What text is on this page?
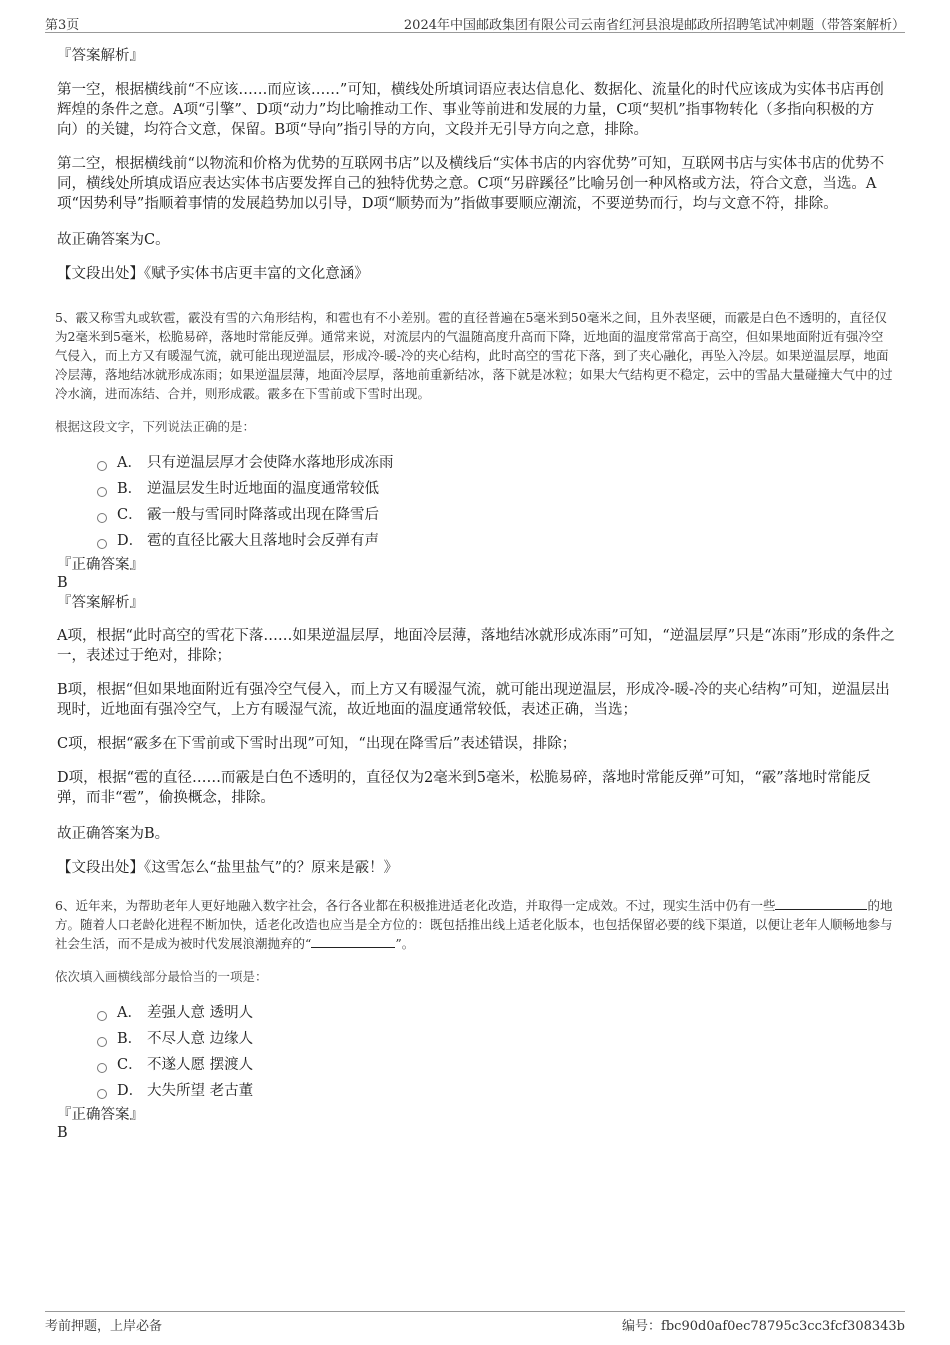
第3页	2024年中国邮政集团有限公司云南省红河县浪堤邮政所招聘笔试冲刺题（带答案解析）

『答案解析』

第一空，根据横线前“不应该……而应该……”可知，横线处所填词语应表达信息化、数据化、流量化的时代应该成为实体书店再创辉煌的条件之意。A项“引擎”、D项“动力”均比喻推动工作、事业等前进和发展的力量，C项“契机”指事物转化（多指向积极的方向）的关键，均符合文意，保留。B项“导向”指引导的方向，文段并无引导方向之意，排除。

第二空，根据横线前“以物流和价格为优势的互联网书店”以及横线后“实体书店的内容优势”可知，互联网书店与实体书店的优势不同，横线处所填成语应表达实体书店要发挥自己的独特优势之意。C项“另辟蹊径”比喻另创一种风格或方法，符合文意，当选。A项“因势利导”指顺着事情的发展趋势加以引导，D项“顺势而为”指做事要顺应潮流，不要逆势而行，均与文意不符，排除。

故正确答案为C。

【文段出处】《赋予实体书店更丰富的文化意涵》

5、霰又称雪丸或软雹，霰没有雪的六角形结构，和雹也有不小差别。雹的直径普遍在5毫米到50毫米之间，且外表坚硬，而霰是白色不透明的，直径仅为2毫米到5毫米，松脆易碎，落地时常能反弹。通常来说，对流层内的气温随高度升高而下降，近地面的温度常常高于高空，但如果地面附近有强冷空气侵入，而上方又有暖湿气流，就可能出现逆温层，形成冷-暖-冷的夹心结构，此时高空的雪花下落，到了夹心融化，再坠入冷层。如果逆温层厚，地面冷层薄，落地结冰就形成冻雨；如果逆温层薄，地面冷层厚，落地前重新结冰，落下就是冰粒；如果大气结构更不稳定，云中的雪晶大量碰撞大气中的过冷水滴，进而冻结、合并，则形成霰。霰多在下雪前或下雪时出现。

根据这段文字，下列说法正确的是：

A． 只有逆温层厚才会使降水落地形成冻雨
B． 逆温层发生时近地面的温度通常较低
C． 霰一般与雪同时降落或出现在降雪后
D． 雹的直径比霰大且落地时会反弹有声

『正确答案』

B

『答案解析』

A项，根据“此时高空的雪花下落……如果逆温层厚，地面冷层薄，落地结冰就形成冻雨”可知，“逆温层厚”只是“冻雨”形成的条件之一，表述过于绝对，排除；

B项，根据“但如果地面附近有强冷空气侵入，而上方又有暖湿气流，就可能出现逆温层，形成冷-暖-冷的夹心结构”可知，逆温层出现时，近地面有强冷空气，上方有暖湿气流，故近地面的温度通常较低，表述正确，当选；

C项，根据“霰多在下雪前或下雪时出现”可知，“出现在降雪后”表述错误，排除；

D项，根据“雹的直径……而霰是白色不透明的，直径仅为2毫米到5毫米，松脆易碎，落地时常能反弹”可知，“霰”落地时常能反弹，而非“雹”，偷换概念，排除。

故正确答案为B。

【文段出处】《这雪怎么“盐里盐气”的？原来是霰！》

6、近年来，为帮助老年人更好地融入数字社会，各行各业都在积极推进适老化改造，并取得一定成效。不过，现实生活中仍有一些	的地方。随着人口老龄化进程不断加快，适老化改造也应当是全方位的：既包括推出线上适老化版本，也包括保留必要的线下渠道，以便让老年人顺畅地参与社会生活，而不是成为被时代发展浪潮抛弃的“	”。

依次填入画横线部分最恰当的一项是：

A． 差强人意 透明人
B． 不尽人意 边缘人
C． 不遂人愿 摆渡人
D． 大失所望 老古董

『正确答案』

B

考前押题，上岸必备	编号：fbc90d0af0ec78795c3cc3fcf308343b
